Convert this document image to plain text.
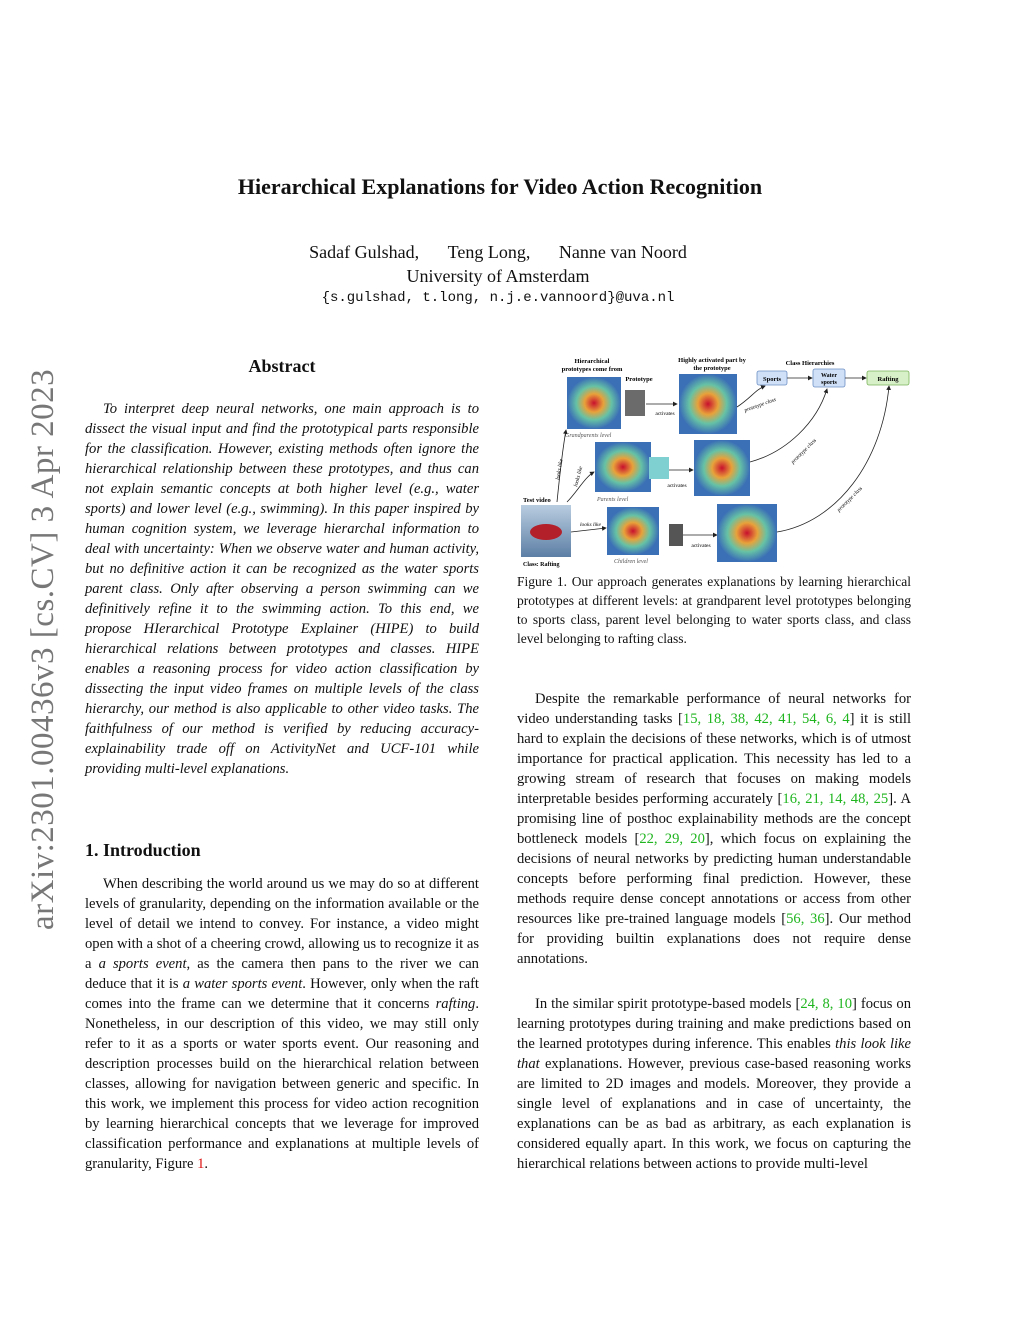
arXiv:2301.00436v3 [cs.CV] 3 Apr 2023
Hierarchical Explanations for Video Action Recognition
Sadaf Gulshad, Teng Long, Nanne van Noord
University of Amsterdam
{s.gulshad, t.long, n.j.e.vannoord}@uva.nl
Abstract

To interpret deep neural networks, one main approach is to dissect the visual input and find the prototypical parts responsible for the classification. However, existing methods often ignore the hierarchical relationship between these prototypes, and thus can not explain semantic concepts at both higher level (e.g., water sports) and lower level (e.g., swimming). In this paper inspired by human cognition system, we leverage hierarchal information to deal with uncertainty: When we observe water and human activity, but no definitive action it can be recognized as the water sports parent class. Only after observing a person swimming can we definitively refine it to the swimming action. To this end, we propose HIerarchical Prototype Explainer (HIPE) to build hierarchical relations between prototypes and classes. HIPE enables a reasoning process for video action classification by dissecting the input video frames on multiple levels of the class hierarchy, our method is also applicable to other video tasks. The faithfulness of our method is verified by reducing accuracy-explainability trade off on ActivityNet and UCF-101 while providing multi-level explanations.

1. Introduction

When describing the world around us we may do so at different levels of granularity, depending on the information available or the level of detail we intend to convey. For instance, a video might open with a shot of a cheering crowd, allowing us to recognize it as a a sports event, as the camera then pans to the river we can deduce that it is a water sports event. However, only when the raft comes into the frame can we determine that it concerns rafting. Nonetheless, in our description of this video, we may still only refer to it as a sports or water sports event. Our reasoning and description processes build on the hierarchical relation between classes, allowing for navigation between generic and specific. In this work, we implement this process for video action recognition by learning hierarchical concepts that we leverage for improved classification performance and explanations at multiple levels of granularity, Figure 1.

Hierarchical
prototypes come from
Prototype
Highly activated part by
the prototype
Class Hierarchies
Sports	Water
sports	Rafting
Grandparents level
activates
prototype class
Parents level
activates
prototype class
Children level
activates
prototype class
Test video
Class: Rafting
looks like looks like
looks like

Figure 1. Our approach generates explanations by learning hierarchical prototypes at different levels: at grandparent level prototypes belonging to sports class, parent level belonging to water sports class, and class level belonging to rafting class.

Despite the remarkable performance of neural networks for video understanding tasks [15, 18, 38, 42, 41, 54, 6, 4] it is still hard to explain the decisions of these networks, which is of utmost importance for practical application. This necessity has led to a growing stream of research that focuses on making models interpretable besides performing accurately [16, 21, 14, 48, 25]. A promising line of posthoc explainability methods are the concept bottleneck models [22, 29, 20], which focus on explaining the decisions of neural networks by predicting human understandable concepts before performing final prediction. However, these methods require dense concept annotations or access from other resources like pre-trained language models [56, 36]. Our method for providing builtin explanations does not require dense annotations.

In the similar spirit prototype-based models [24, 8, 10] focus on learning prototypes during training and make predictions based on the learned prototypes during inference. This enables this look like that explanations. However, previous case-based reasoning works are limited to 2D images and models. Moreover, they provide a single level of explanations and in case of uncertainty, the explanations can be as bad as arbitrary, as each explanation is considered equally apart. In this work, we focus on capturing the hierarchical relations between actions to provide multi-level
